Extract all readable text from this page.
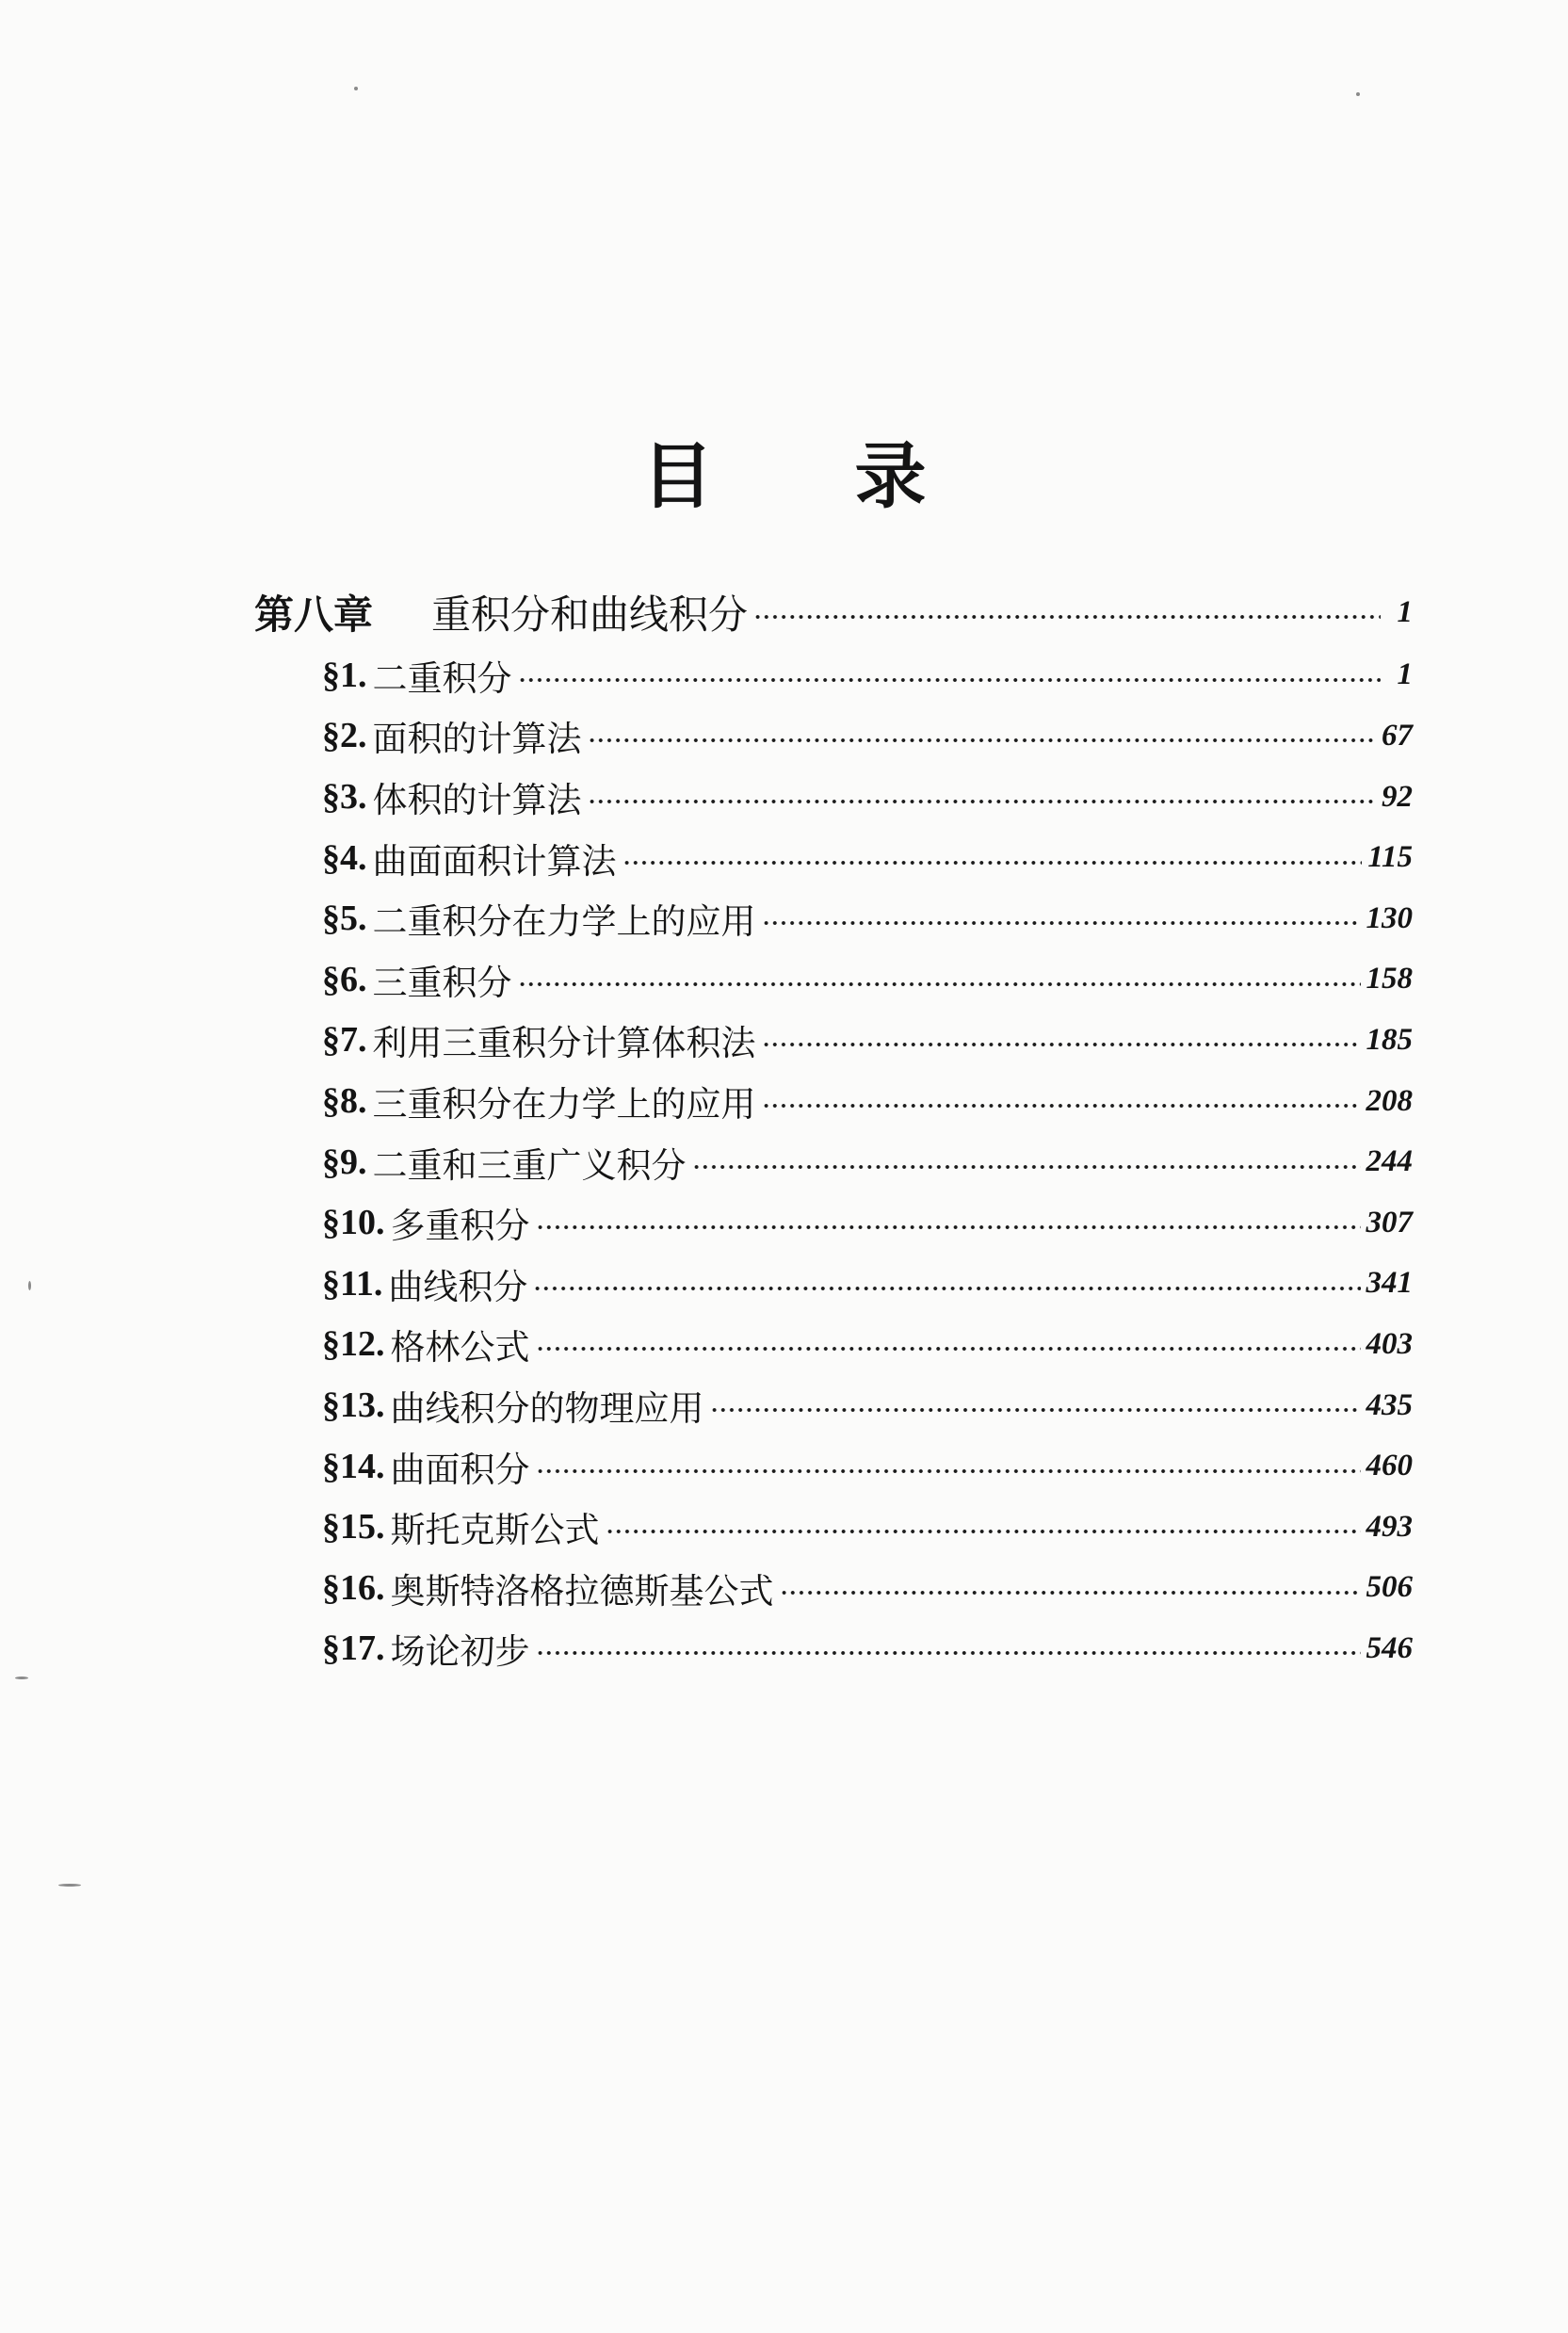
目 录
第八章	重积分和曲线积分	1
§1. 二重积分	1
§2. 面积的计算法	67
§3. 体积的计算法	92
§4. 曲面面积计算法	115
§5. 二重积分在力学上的应用	130
§6. 三重积分	158
§7. 利用三重积分计算体积法	185
§8. 三重积分在力学上的应用	208
§9. 二重和三重广义积分	244
§10. 多重积分	307
§11. 曲线积分	341
§12. 格林公式	403
§13. 曲线积分的物理应用	435
§14. 曲面积分	460
§15. 斯托克斯公式	493
§16. 奥斯特洛格拉德斯基公式	506
§17. 场论初步	546
